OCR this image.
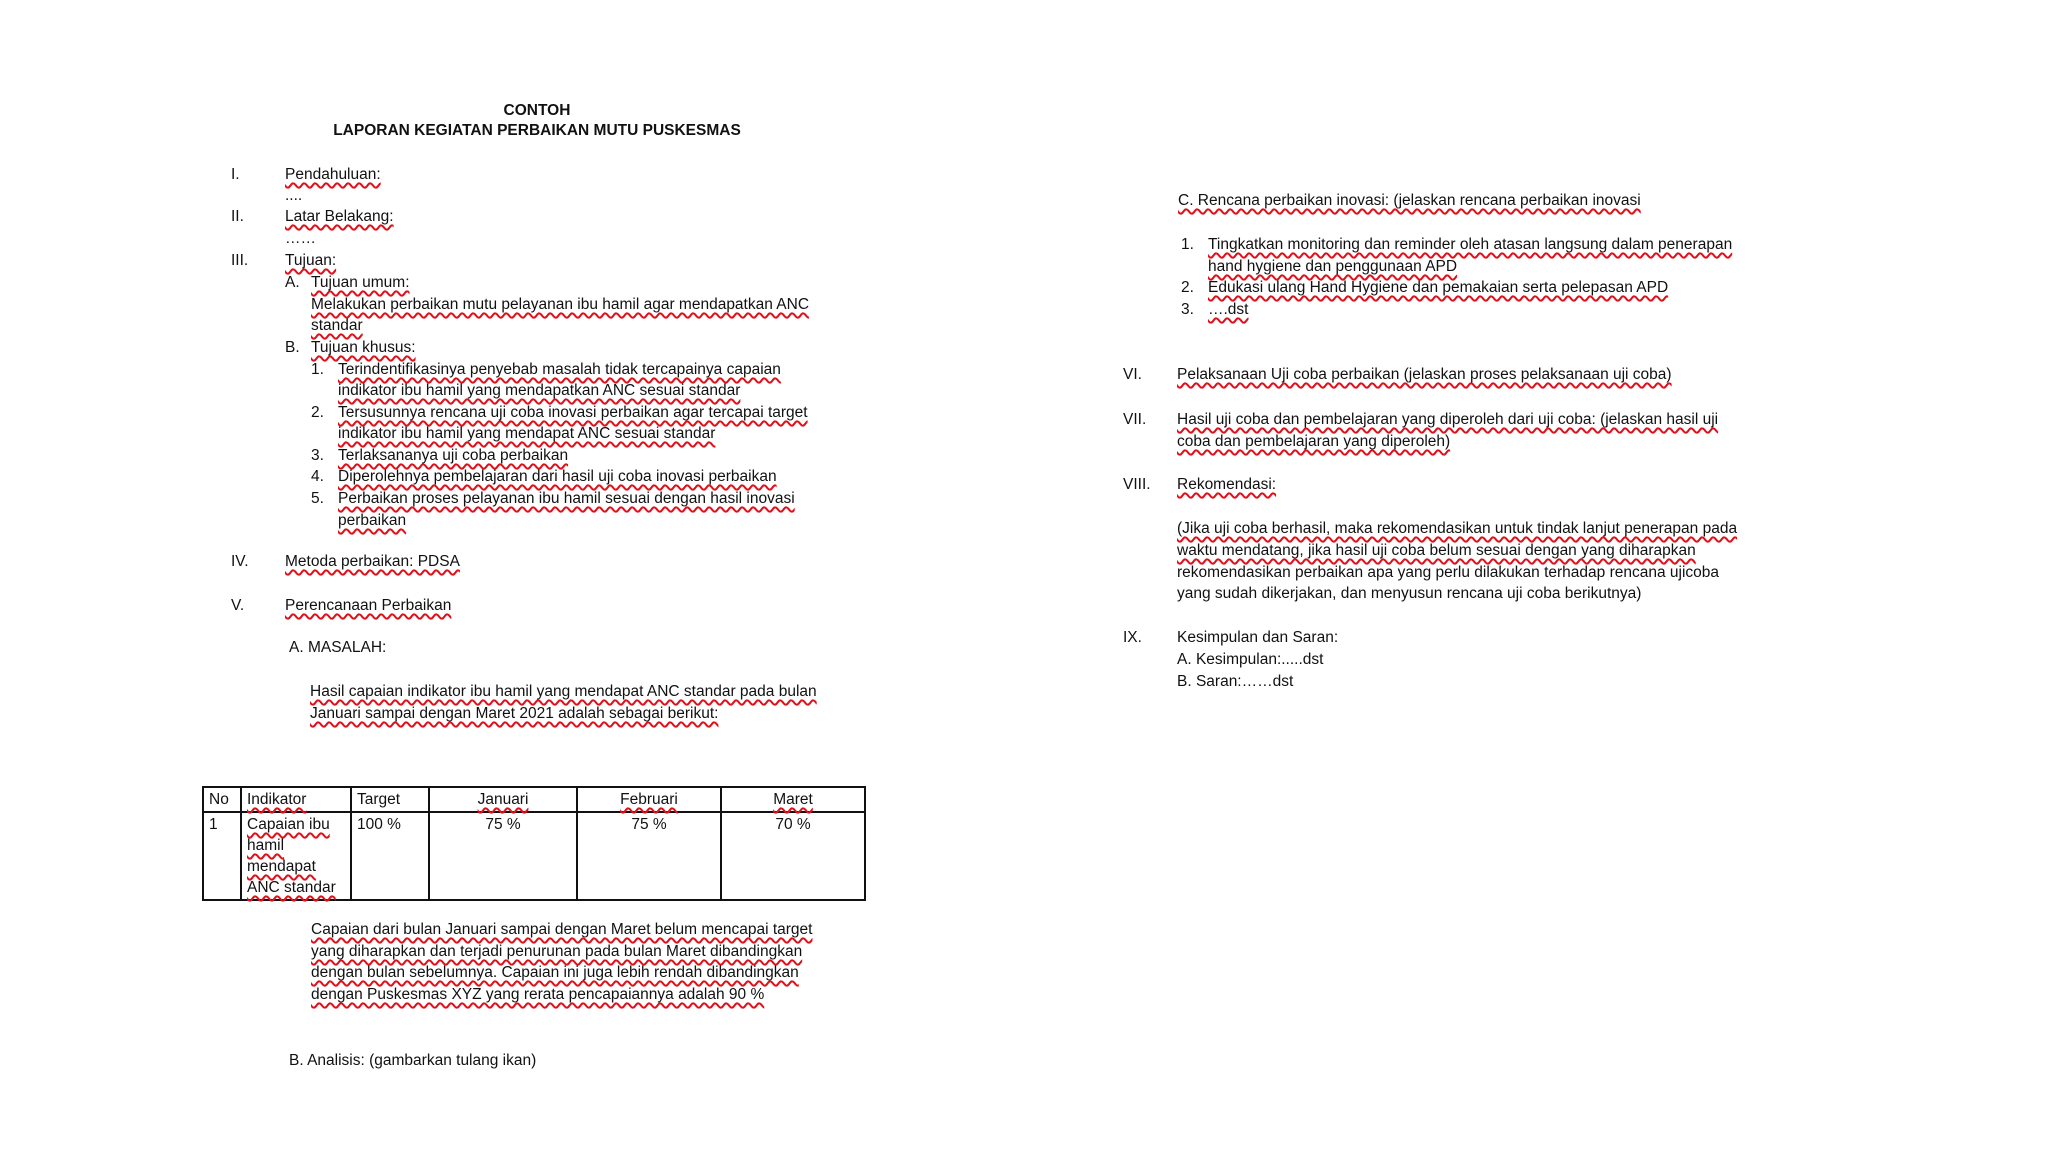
CONTOH
LAPORAN KEGIATAN PERBAIKAN MUTU PUSKESMAS
I.	Pendahuluan:
....
II.	Latar Belakang:
……
III.	Tujuan:
A. Tujuan umum:
Melakukan perbaikan mutu pelayanan ibu hamil agar mendapatkan ANC
standar
B. Tujuan khusus:
1. Terindentifikasinya penyebab masalah tidak tercapainya capaian
indikator ibu hamil yang mendapatkan ANC sesuai standar
2. Tersusunnya rencana uji coba inovasi perbaikan agar tercapai target
indikator ibu hamil yang mendapat ANC sesuai standar
3. Terlaksananya uji coba perbaikan
4. Diperolehnya pembelajaran dari hasil uji coba inovasi perbaikan
5. Perbaikan proses pelayanan ibu hamil sesuai dengan hasil inovasi
perbaikan
IV.	Metoda perbaikan: PDSA
V.	Perencanaan Perbaikan
A. MASALAH:
Hasil capaian indikator ibu hamil yang mendapat ANC standar pada bulan
Januari sampai dengan Maret 2021 adalah sebagai berikut:
No	Indikator	Target	Januari	Februari	Maret
1	Capaian ibu
hamil
mendapat
ANC standar	100 %	75 %	75 %	70 %
Capaian dari bulan Januari sampai dengan Maret belum mencapai target
yang diharapkan dan terjadi penurunan pada bulan Maret dibandingkan
dengan bulan sebelumnya. Capaian ini juga lebih rendah dibandingkan
dengan Puskesmas XYZ yang rerata pencapaiannya adalah 90 %
B. Analisis: (gambarkan tulang ikan)
C. Rencana perbaikan inovasi: (jelaskan rencana perbaikan inovasi
1. Tingkatkan monitoring dan reminder oleh atasan langsung dalam penerapan
hand hygiene dan penggunaan APD
2. Edukasi ulang Hand Hygiene dan pemakaian serta pelepasan APD
3. ….dst
VI.	Pelaksanaan Uji coba perbaikan (jelaskan proses pelaksanaan uji coba)
VII.	Hasil uji coba dan pembelajaran yang diperoleh dari uji coba: (jelaskan hasil uji
coba dan pembelajaran yang diperoleh)
VIII.	Rekomendasi:
(Jika uji coba berhasil, maka rekomendasikan untuk tindak lanjut penerapan pada
waktu mendatang, jika hasil uji coba belum sesuai dengan yang diharapkan
rekomendasikan perbaikan apa yang perlu dilakukan terhadap rencana ujicoba
yang sudah dikerjakan, dan menyusun rencana uji coba berikutnya)
IX.	Kesimpulan dan Saran:
A. Kesimpulan:.....dst
B. Saran:……dst
